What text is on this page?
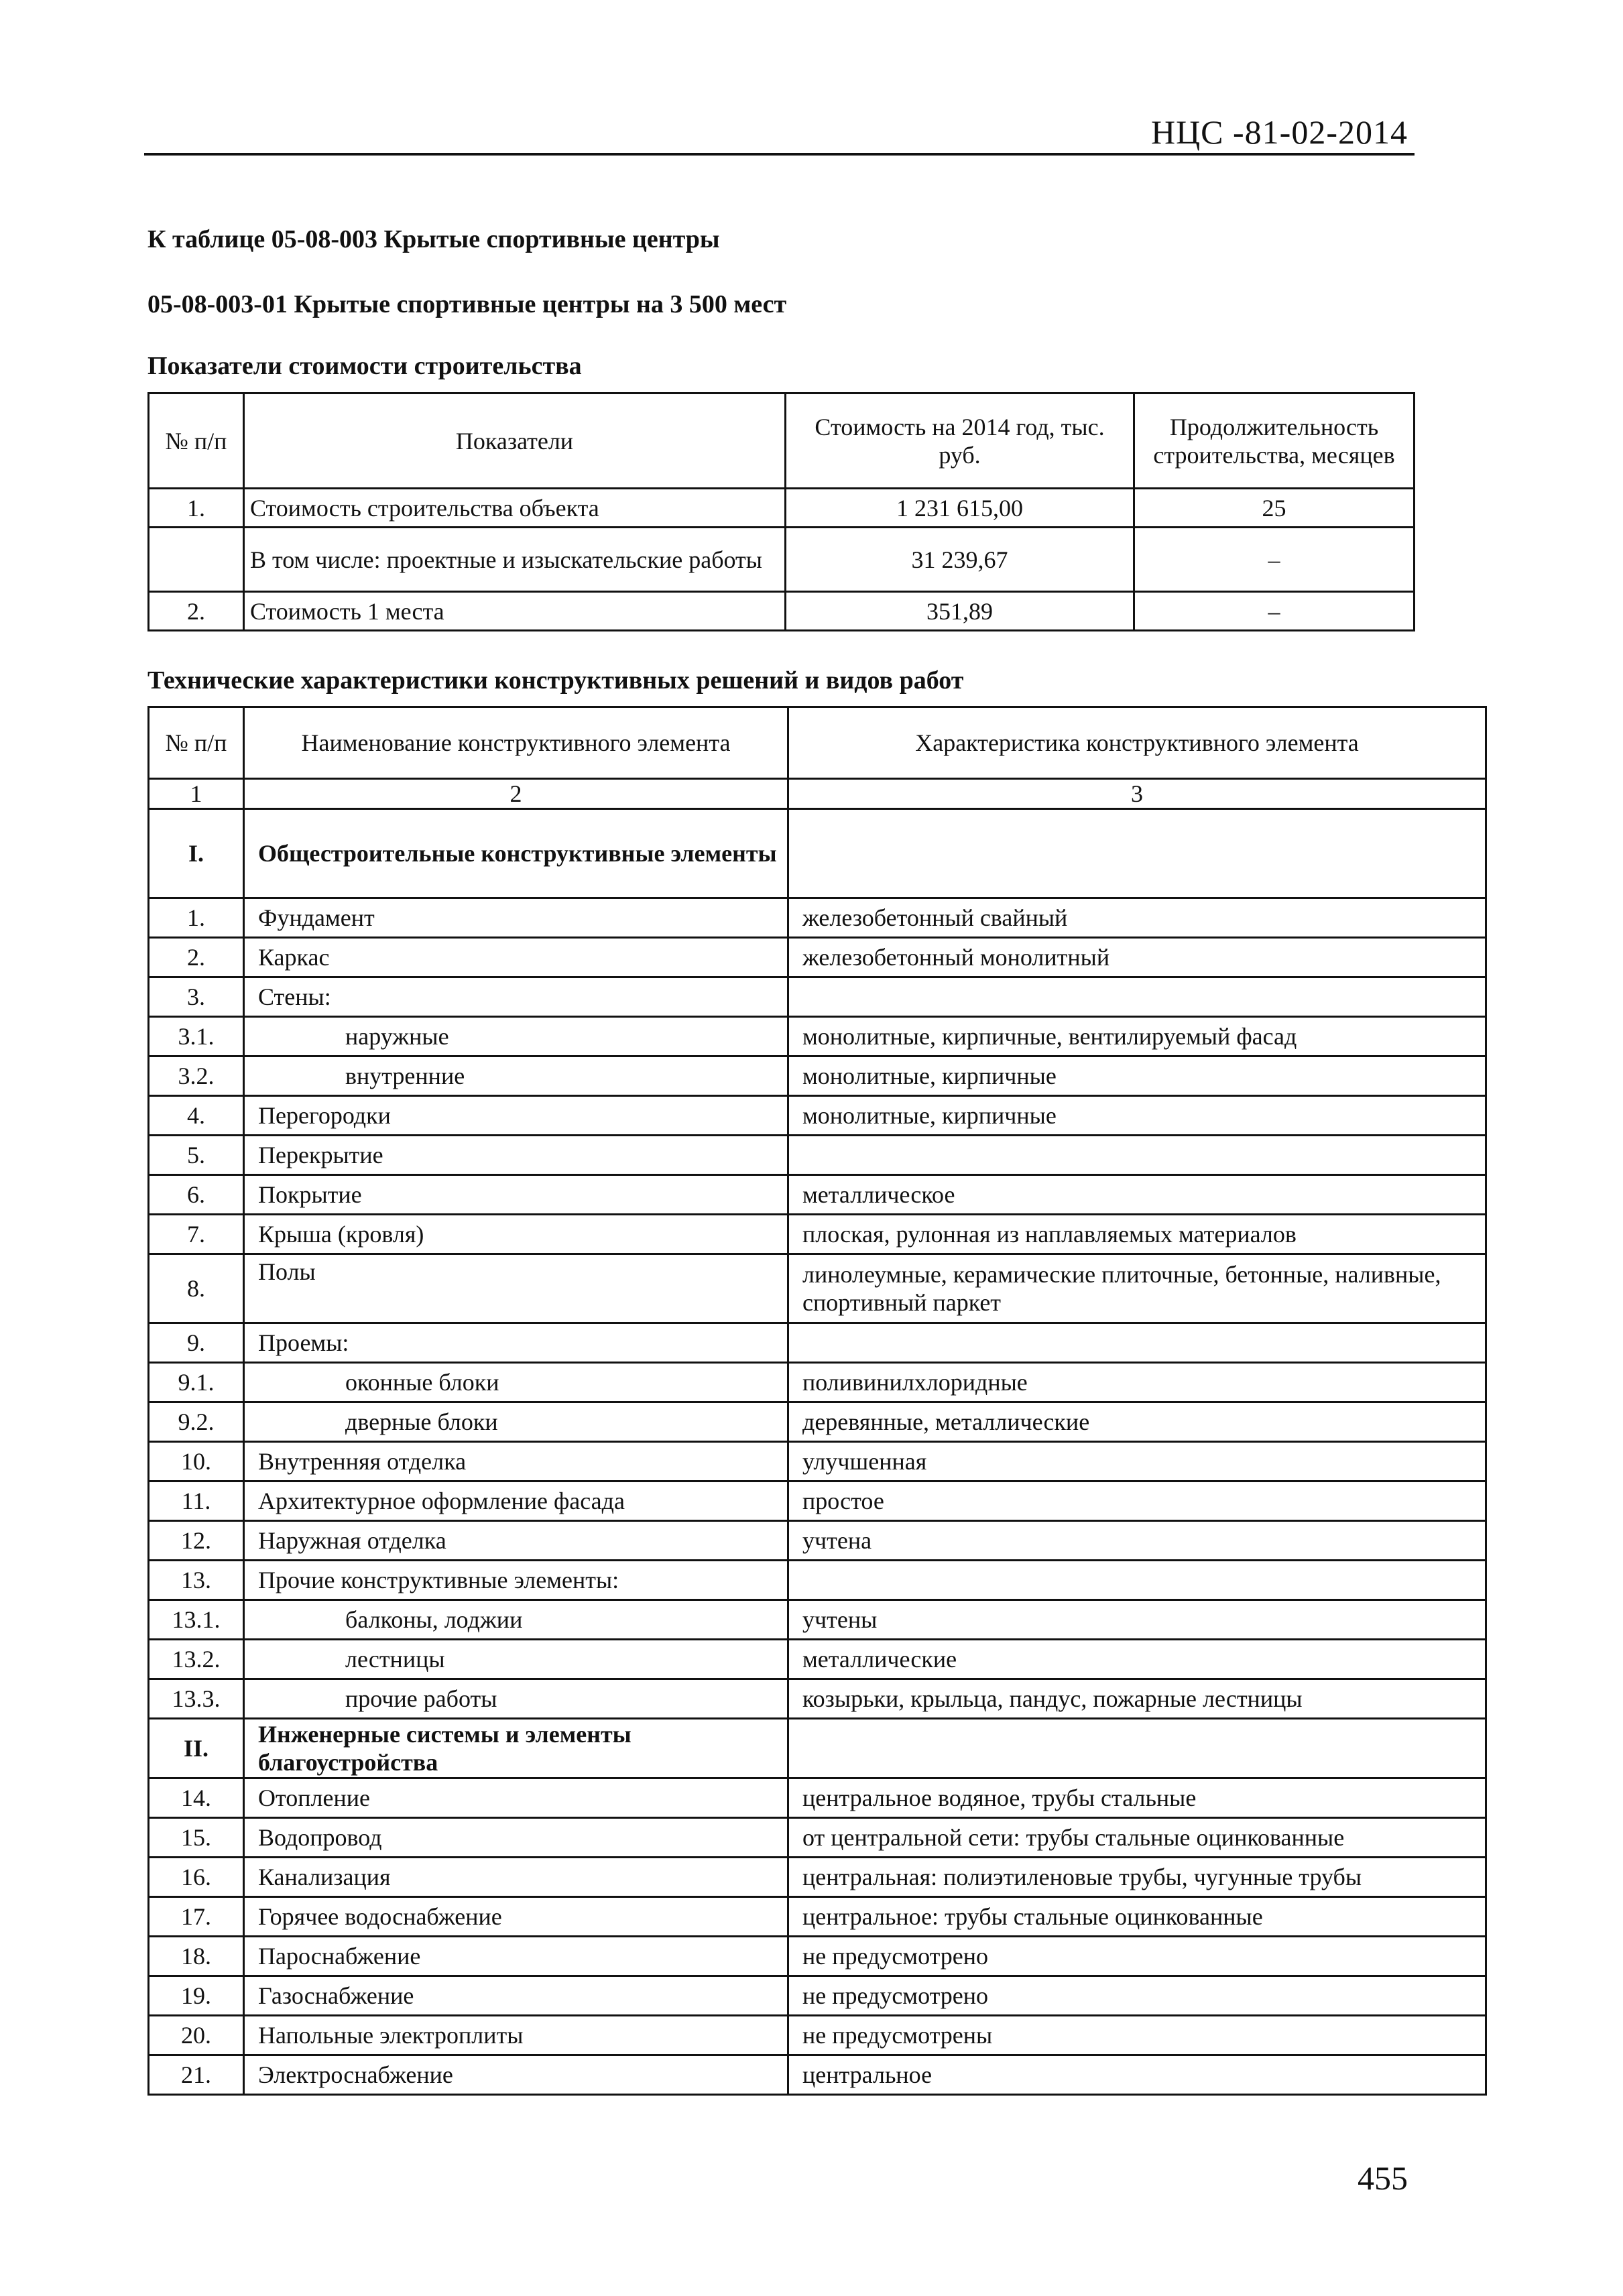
НЦС -81-02-2014
К таблице 05-08-003 Крытые спортивные центры
05-08-003-01 Крытые спортивные центры на 3 500 мест
Показатели стоимости строительства
№ п/п	Показатели	Стоимость на 2014 год, тыс. руб.	Продолжительность строительства, месяцев
1.	Стоимость строительства объекта	1 231 615,00	25
	В том числе: проектные и изыскательские работы	31 239,67	–
2.	Стоимость 1 места	351,89	–
Технические характеристики конструктивных решений и видов работ
№ п/п	Наименование конструктивного элемента	Характеристика конструктивного элемента
1	2	3
I.	Общестроительные конструктивные элементы	
1.	Фундамент	железобетонный свайный
2.	Каркас	железобетонный монолитный
3.	Стены:	
3.1.	наружные	монолитные, кирпичные, вентилируемый фасад
3.2.	внутренние	монолитные, кирпичные
4.	Перегородки	монолитные, кирпичные
5.	Перекрытие	
6.	Покрытие	металлическое
7.	Крыша (кровля)	плоская, рулонная из наплавляемых материалов
8.	Полы	линолеумные, керамические плиточные, бетонные, наливные, спортивный паркет
9.	Проемы:	
9.1.	оконные блоки	поливинилхлоридные
9.2.	дверные блоки	деревянные, металлические
10.	Внутренняя отделка	улучшенная
11.	Архитектурное оформление фасада	простое
12.	Наружная отделка	учтена
13.	Прочие конструктивные элементы:	
13.1.	балконы, лоджии	учтены
13.2.	лестницы	металлические
13.3.	прочие работы	козырьки, крыльца, пандус, пожарные лестницы
II.	Инженерные системы и элементы благоустройства	
14.	Отопление	центральное водяное, трубы стальные
15.	Водопровод	от центральной сети: трубы стальные оцинкованные
16.	Канализация	центральная: полиэтиленовые трубы, чугунные трубы
17.	Горячее водоснабжение	центральное: трубы стальные оцинкованные
18.	Пароснабжение	не предусмотрено
19.	Газоснабжение	не предусмотрено
20.	Напольные электроплиты	не предусмотрены
21.	Электроснабжение	центральное
455
